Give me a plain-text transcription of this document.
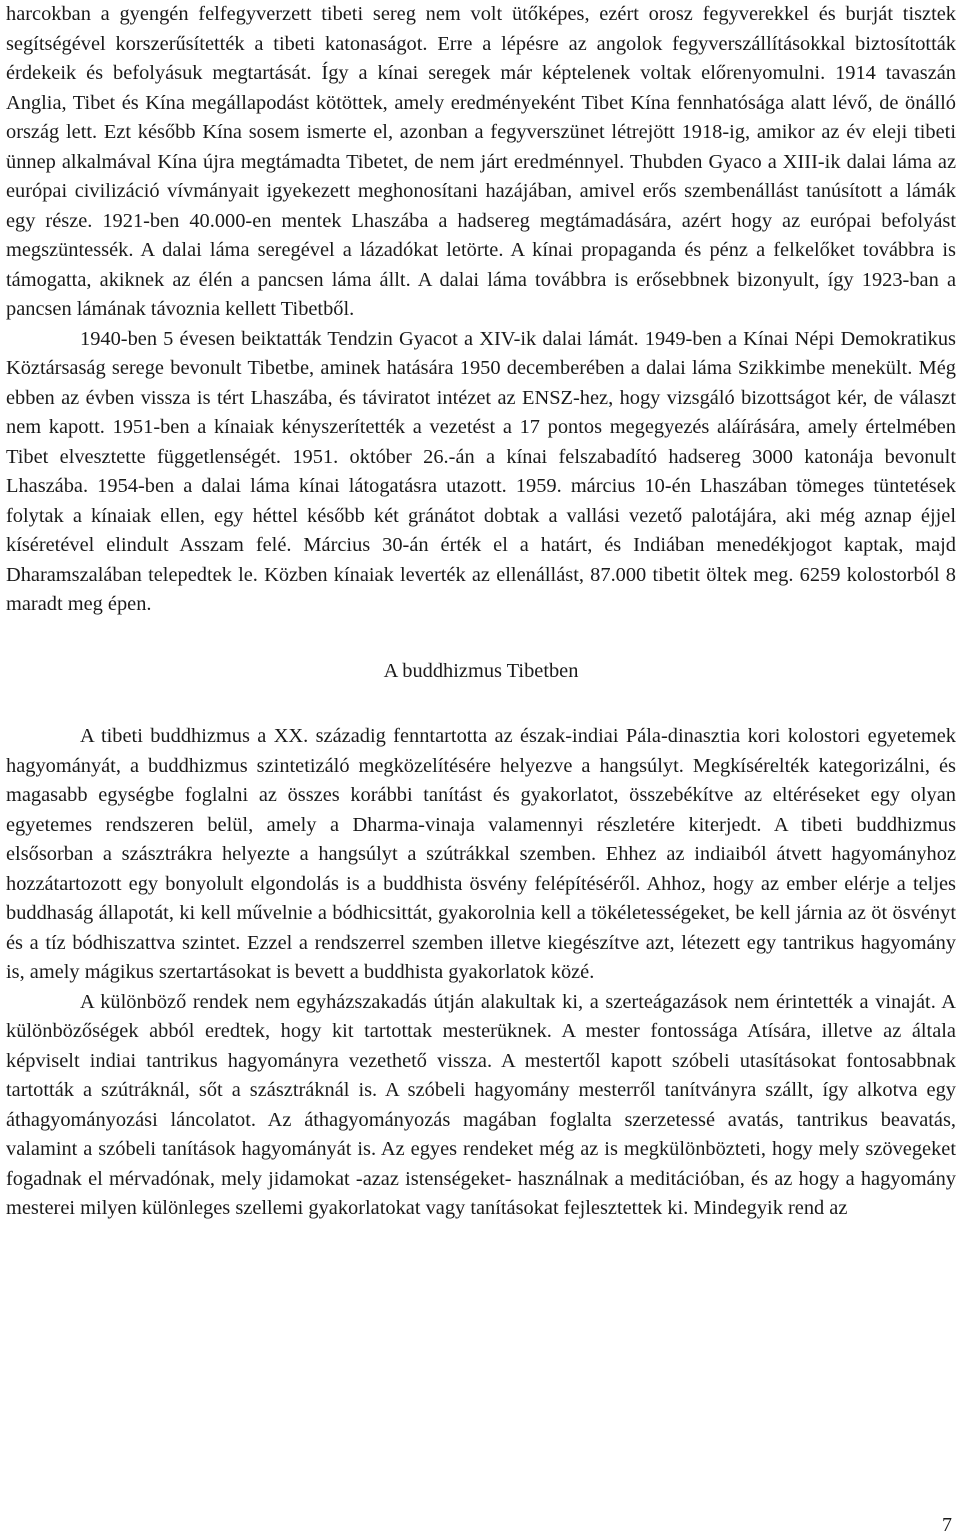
harcokban a gyengén felfegyverzett tibeti sereg nem volt ütőképes, ezért orosz fegyverekkel és burját tisztek segítségével korszerűsítették a tibeti katonaságot. Erre a lépésre az angolok fegyverszállításokkal biztosították érdekeik és befolyásuk megtartását. Így a kínai seregek már képtelenek voltak előrenyomulni. 1914 tavaszán Anglia, Tibet és Kína megállapodást kötöttek, amely eredményeként Tibet Kína fennhatósága alatt lévő, de önálló ország lett. Ezt később Kína sosem ismerte el, azonban a fegyverszünet létrejött 1918-ig, amikor az év eleji tibeti ünnep alkalmával Kína újra megtámadta Tibetet, de nem járt eredménnyel. Thubden Gyaco a XIII-ik dalai láma az európai civilizáció vívmányait igyekezett meghonosítani hazájában, amivel erős szembenállást tanúsított a lámák egy része. 1921-ben 40.000-en mentek Lhaszába a hadsereg megtámadására, azért hogy az európai befolyást megszüntessék. A dalai láma seregével a lázadókat letörte. A kínai propaganda és pénz a felkelőket továbbra is támogatta, akiknek az élén a pancsen láma állt. A dalai láma továbbra is erősebbnek bizonyult, így 1923-ban a pancsen lámának távoznia kellett Tibetből.

1940-ben 5 évesen beiktatták Tendzin Gyacot a XIV-ik dalai lámát. 1949-ben a Kínai Népi Demokratikus Köztársaság serege bevonult Tibetbe, aminek hatására 1950 decemberében a dalai láma Szikkimbe menekült. Még ebben az évben vissza is tért Lhaszába, és táviratot intézet az ENSZ-hez, hogy vizsgáló bizottságot kér, de választ nem kapott. 1951-ben a kínaiak kényszerítették a vezetést a 17 pontos megegyezés aláírására, amely értelmében Tibet elvesztette függetlenségét. 1951. október 26.-án a kínai felszabadító hadsereg 3000 katonája bevonult Lhaszába. 1954-ben a dalai láma kínai látogatásra utazott. 1959. március 10-én Lhaszában tömeges tüntetések folytak a kínaiak ellen, egy héttel később két gránátot dobtak a vallási vezető palotájára, aki még aznap éjjel kíséretével elindult Asszam felé. Március 30-án érték el a határt, és Indiában menedékjogot kaptak, majd Dharamszalában telepedtek le. Közben kínaiak leverték az ellenállást, 87.000 tibetit öltek meg. 6259 kolostorból 8 maradt meg épen.

A buddhizmus Tibetben

A tibeti buddhizmus a XX. századig fenntartotta az észak-indiai Pála-dinasztia kori kolostori egyetemek hagyományát, a buddhizmus szintetizáló megközelítésére helyezve a hangsúlyt. Megkísérelték kategorizálni, és magasabb egységbe foglalni az összes korábbi tanítást és gyakorlatot, összebékítve az eltéréseket egy olyan egyetemes rendszeren belül, amely a Dharma-vinaja valamennyi részletére kiterjedt. A tibeti buddhizmus elsősorban a szásztrákra helyezte a hangsúlyt a szútrákkal szemben. Ehhez az indiaiból átvett hagyományhoz hozzátartozott egy bonyolult elgondolás is a buddhista ösvény felépítéséről. Ahhoz, hogy az ember elérje a teljes buddhaság állapotát, ki kell művelnie a bódhicsittát, gyakorolnia kell a tökéletességeket, be kell járnia az öt ösvényt és a tíz bódhiszattva szintet. Ezzel a rendszerrel szemben illetve kiegészítve azt, létezett egy tantrikus hagyomány is, amely mágikus szertartásokat is bevett a buddhista gyakorlatok közé.

A különböző rendek nem egyházszakadás útján alakultak ki, a szerteágazások nem érintették a vinaját. A különbözőségek abból eredtek, hogy kit tartottak mesterüknek. A mester fontossága Atísára, illetve az általa képviselt indiai tantrikus hagyományra vezethető vissza. A mestertől kapott szóbeli utasításokat fontosabbnak tartották a szútráknál, sőt a szásztráknál is. A szóbeli hagyomány mesterről tanítványra szállt, így alkotva egy áthagyományozási láncolatot. Az áthagyományozás magában foglalta szerzetessé avatás, tantrikus beavatás, valamint a szóbeli tanítások hagyományát is. Az egyes rendeket még az is megkülönbözteti, hogy mely szövegeket fogadnak el mérvadónak, mely jidamokat -azaz istenségeket- használnak a meditációban, és az hogy a hagyomány mesterei milyen különleges szellemi gyakorlatokat vagy tanításokat fejlesztettek ki. Mindegyik rend az

7
